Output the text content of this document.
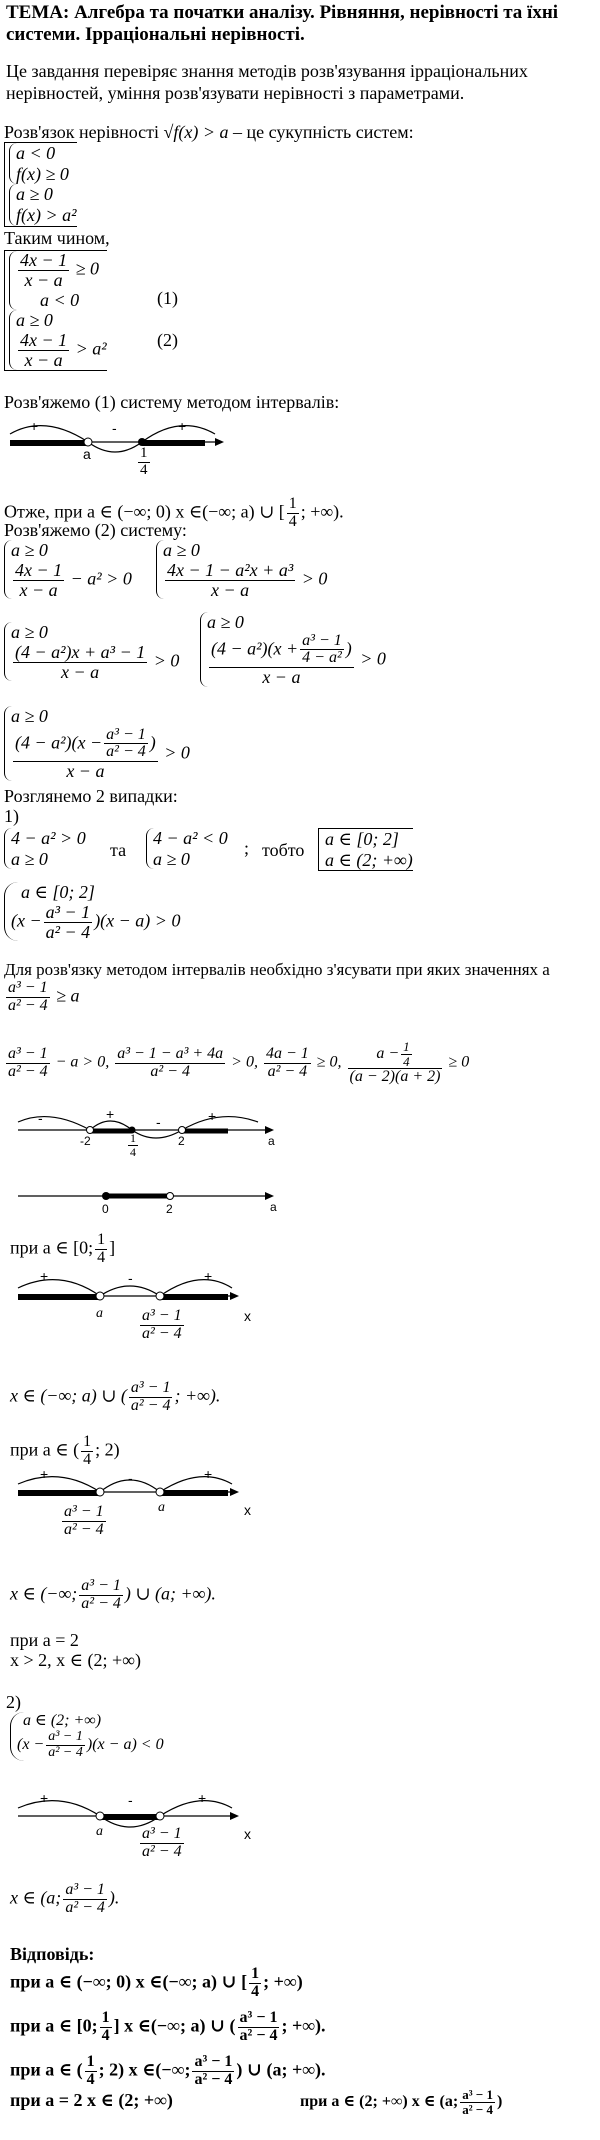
ТЕМА: Алгебра та початки аналізу. Рівняння, нерівності та їхні системи. Ірраціональні нерівності.
Це завдання перевіряє знання методів розв'язування ірраціональних нерівностей, уміння розв'язувати нерівності з параметрами.
Розв'язок нерівності √f(x) > a – це сукупність систем:
a < 0
f(x) ≥ 0

a ≥ 0
f(x) > a²
Таким чином,
$\frac{4x - 1}{x - a} \ge 0$
a < 0

a ≥ 0
$\frac{4x - 1}{x - a} > a^2$
(1)
(2)
Розв'яжемо (1) систему методом інтервалів:
+	-	+
a	$\frac{1}{4}$
Отже, при a ∈ (−∞; 0) x ∈(−∞; a) ∪ [ $\frac{1}{4}$ ; +∞).
Розв'яжемо (2) систему:
a ≥ 0
$\frac{4x - 1}{x - a} - a^2 > 0$
a ≥ 0
$\frac{\text{4x − 1 − a²x + a³}}{x - a} > 0$
a ≥ 0
$\frac{\text{(4 − a²)x + a³ − 1}}{x - a} > 0$
a ≥ 0
$\frac{(4 - a^2)(x + \frac{\text{a³ − 1}}{\text{4 − a²}} )}{x - a} > 0$
a ≥ 0
$\frac{(4 - a^2)(x - \frac{\text{a³ − 1}}{\text{a² − 4}} )}{x - a} > 0$
Розглянемо 2 випадки:
1)
4 − a² > 0
a ≥ 0	та
4 − a² < 0
a ≥ 0
; тобто
a ∈ [0; 2]
a ∈ (2; +∞)
a ∈ [0; 2]
$(x - \frac{\text{a³ − 1}}{\text{a² − 4}} )(x - a) > 0$
Для розв'язку методом інтервалів необхідно з'ясувати при яких значеннях a
$\frac{\text{a³ − 1}}{\text{a² − 4}} \ge a$
$\frac{\text{a³ − 1}}{\text{a² − 4}} - a > 0$, $\frac{\text{a³ − 1 − a³ + 4a}}{\text{a² − 4}} > 0$, $\frac{4a - 1}{\text{a² − 4}} \ge 0$, $\frac{a - \frac{1}{4}}{(a - 2)(a + 2)} \ge 0$
-	+	-	+
-2	$\frac{1}{4}$	2	a
0	2	a
при a ∈ [0; $\frac{1}{4}$ ]
+	-	+
a $\frac{\text{a³ − 1}}{\text{a² − 4}}$	x
x ∈ (−∞; a) ∪ ( $\frac{\text{a³ − 1}}{\text{a² − 4}}$ ; +∞).
при a ∈ ( $\frac{1}{4}$ ; 2)
+	-	+
$\frac{\text{a³ − 1}}{\text{a² − 4}}$	a	x
x ∈ (−∞; $\frac{\text{a³ − 1}}{\text{a² − 4}}$ ) ∪ (a; +∞).
при a = 2
x > 2, x ∈ (2; +∞)
2)
a ∈ (2; +∞)
$(x - \frac{\text{a³ − 1}}{\text{a² − 4}} )(x - a) < 0$
+	-	+
a $\frac{\text{a³ − 1}}{\text{a² − 4}}$	x
x ∈ (a; $\frac{\text{a³ − 1}}{\text{a² − 4}}$ ).
Відповідь:
при a ∈ (−∞; 0) x ∈(−∞; a) ∪ [ $\frac{1}{4}$ ; +∞)
при a ∈ [0; $\frac{1}{4}$ ] x ∈(−∞; a) ∪ ( $\frac{\text{a³ − 1}}{\text{a² − 4}}$ ; +∞).
при a ∈ ( $\frac{1}{4}$ ; 2) x ∈(−∞; $\frac{\text{a³ − 1}}{\text{a² − 4}}$ ) ∪ (a; +∞).
при a = 2 x ∈ (2; +∞)	при a ∈ (2; +∞) x ∈ (a; $\frac{\text{a³ − 1}}{\text{a² − 4}}$ )
